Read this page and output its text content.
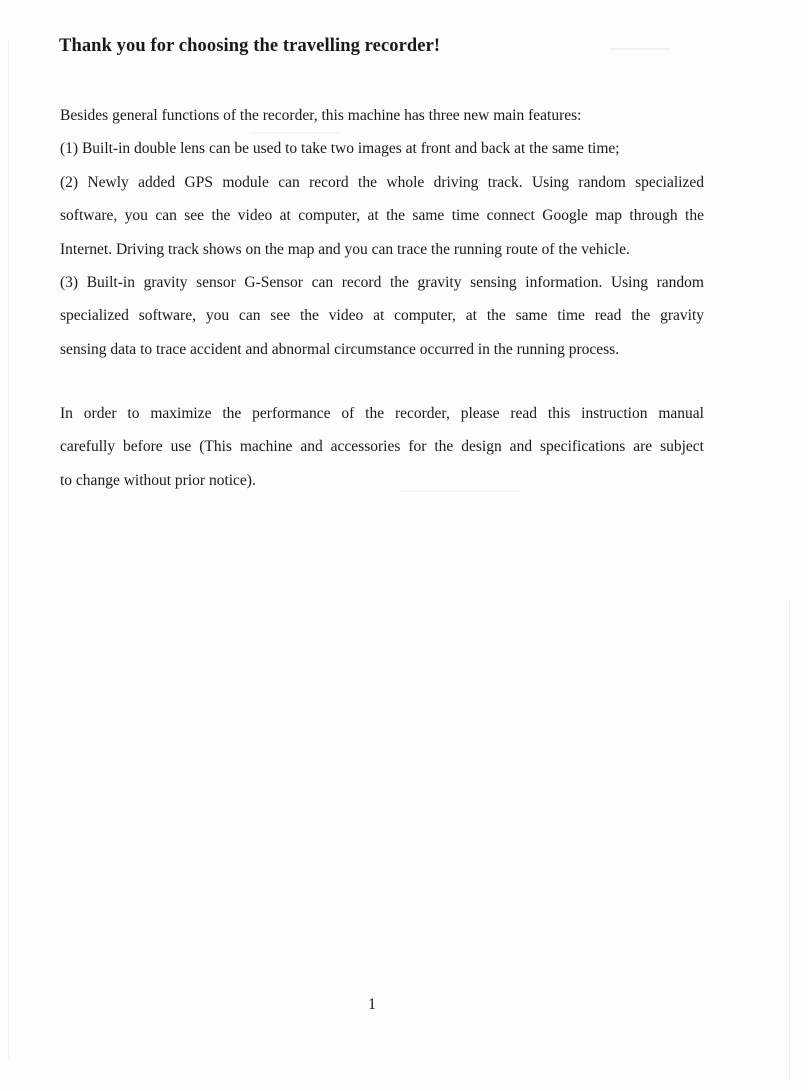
Thank you for choosing the travelling recorder!
Besides general functions of the recorder, this machine has three new main features:
(1) Built-in double lens can be used to take two images at front and back at the same time;
(2) Newly added GPS module can record the whole driving track. Using random specialized
software, you can see the video at computer, at the same time connect Google map through the
Internet. Driving track shows on the map and you can trace the running route of the vehicle.
(3) Built-in gravity sensor G-Sensor can record the gravity sensing information. Using random
specialized software, you can see the video at computer, at the same time read the gravity
sensing data to trace accident and abnormal circumstance occurred in the running process.
In order to maximize the performance of the recorder, please read this instruction manual
carefully before use (This machine and accessories for the design and specifications are subject
to change without prior notice).
1
